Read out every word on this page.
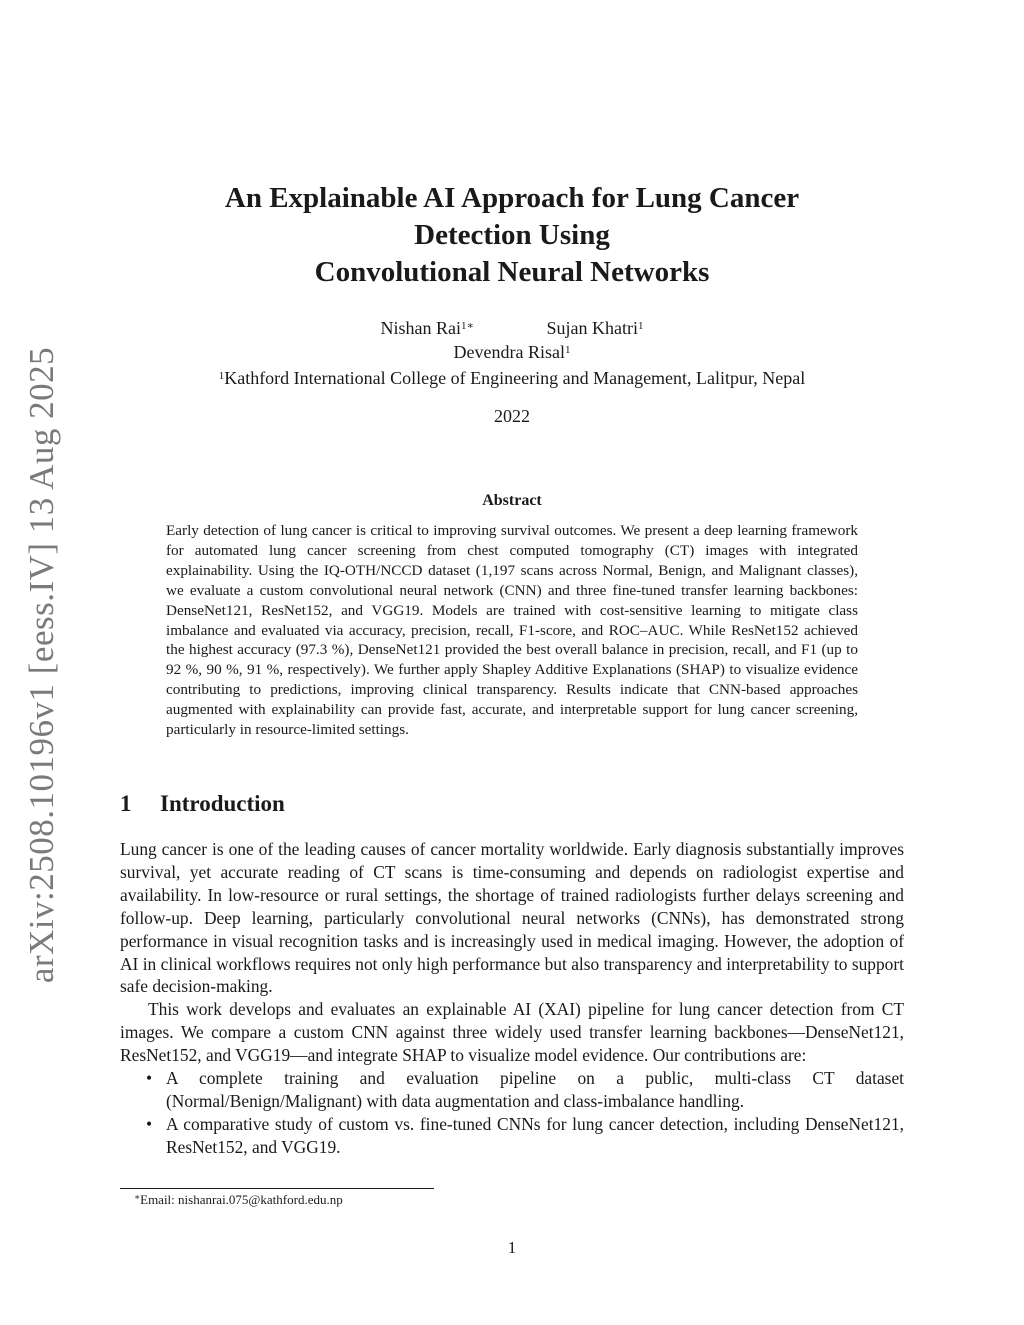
arXiv:2508.10196v1 [eess.IV] 13 Aug 2025
An Explainable AI Approach for Lung Cancer
Detection Using
Convolutional Neural Networks
Nishan Rai$^{1∗}$	Sujan Khatri$^1$
Devendra Risal$^1$
$^1$Kathford International College of Engineering and Management, Lalitpur, Nepal
2022
Abstract

Early detection of lung cancer is critical to improving survival outcomes. We present a deep learning framework for automated lung cancer screening from chest computed tomography (CT) images with integrated explainability. Using the IQ-OTH/NCCD dataset (1,197 scans across Normal, Benign, and Malignant classes), we evaluate a custom convolutional neural network (CNN) and three fine-tuned transfer learning backbones: DenseNet121, ResNet152, and VGG19. Models are trained with cost-sensitive learning to mitigate class imbalance and evaluated via accuracy, precision, recall, F1-score, and ROC–AUC. While ResNet152 achieved the highest accuracy (97.3 %), DenseNet121 provided the best overall balance in precision, recall, and F1 (up to 92 %, 90 %, 91 %, respectively). We further apply Shapley Additive Explanations (SHAP) to visualize evidence contributing to predictions, improving clinical transparency. Results indicate that CNN-based approaches augmented with explainability can provide fast, accurate, and interpretable support for lung cancer screening, particularly in resource-limited settings.

1 Introduction

Lung cancer is one of the leading causes of cancer mortality worldwide. Early diagnosis substantially improves survival, yet accurate reading of CT scans is time-consuming and depends on radiologist expertise and availability. In low-resource or rural settings, the shortage of trained radiologists further delays screening and follow-up. Deep learning, particularly convolutional neural networks (CNNs), has demonstrated strong performance in visual recognition tasks and is increasingly used in medical imaging. However, the adoption of AI in clinical workflows requires not only high performance but also transparency and interpretability to support safe decision-making.

This work develops and evaluates an explainable AI (XAI) pipeline for lung cancer detection from CT images. We compare a custom CNN against three widely used transfer learning backbones—DenseNet121, ResNet152, and VGG19—and integrate SHAP to visualize model evidence. Our contributions are:

• A complete training and evaluation pipeline on a public, multi-class CT dataset (Normal/Benign/Malignant) with data augmentation and class-imbalance handling.
• A comparative study of custom vs. fine-tuned CNNs for lung cancer detection, including DenseNet121, ResNet152, and VGG19.
∗Email: nishanrai.075@kathford.edu.np
1
